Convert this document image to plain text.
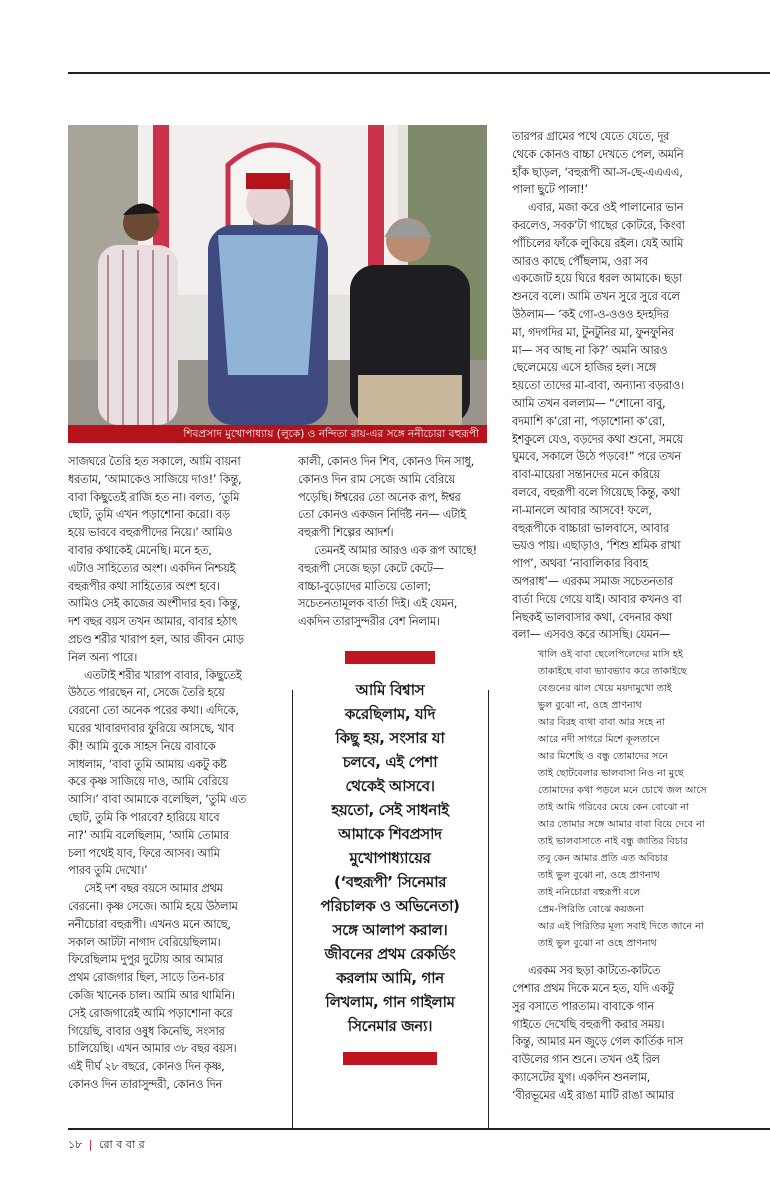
শিবপ্রসাদ মুখোপাধ্যায় (লুকে) ও নন্দিতা রায়-এর সঙ্গে ননীচোরা বহুরূপী
সাজঘরে তৈরি হত সকালে, আমি বায়না
ধরতাম, ‘আমাকেও সাজিয়ে দাও!’ কিন্তু,
বাবা কিছুতেই রাজি হত না। বলত, ‘তুমি
ছোট, তুমি এখন পড়াশোনা করো। বড়
হয়ে ভাববে বহুরূপীদের নিয়ে।’ আমিও
বাবার কথাকেই মেনেছি। মনে হত,
এটাও সাহিত্যের অংশ। একদিন নিশ্চয়ই
বহুরূপীর কথা সাহিত্যের অংশ হবে।
আমিও সেই কাজের অংশীদার হব। কিন্তু,
দশ বছর বয়স তখন আমার, বাবার হঠাৎ
প্রচণ্ড শরীর খারাপ হল, আর জীবন মোড়
নিল অন্য পারে।
এতটাই শরীর খারাপ বাবার, কিছুতেই
উঠতে পারছেন না, সেজে তৈরি হয়ে
বেরনো তো অনেক পরের কথা। এদিকে,
ঘরের খাবারদাবার ফুরিয়ে আসছে, খাব
কী! আমি বুকে সাহস নিয়ে বাবাকে
সাধলাম, ‘বাবা তুমি আমায় একটু কষ্ট
করে কৃষ্ণ সাজিয়ে দাও, আমি বেরিয়ে
আসি।’ বাবা আমাকে বলেছিল, ‘তুমি এত
ছোট, তুমি কি পারবে? হারিয়ে যাবে
না?’ আমি বলেছিলাম, ‘আমি তোমার
চলা পথেই যাব, ফিরে আসব। আমি
পারব তুমি দেখো।’
সেই দশ বছর বয়সে আমার প্রথম
বেরনো। কৃষ্ণ সেজে। আমি হয়ে উঠলাম
ননীচোরা বহুরূপী। এখনও মনে আছে,
সকাল আটটা নাগাদ বেরিয়েছিলাম।
ফিরেছিলাম দুপুর দুটোয় আর আমার
প্রথম রোজগার ছিল, সাড়ে তিন-চার
কেজি খানেক চাল। আমি আর থামিনি।
সেই রোজগারেই আমি পড়াশোনা করে
গিয়েছি, বাবার ওষুধ কিনেছি, সংসার
চালিয়েছি। এখন আমার ৩৮ বছর বয়স।
এই দীর্ঘ ২৮ বছরে, কোনও দিন কৃষ্ণ,
কোনও দিন তারাসুন্দরী, কোনও দিন
কালী, কোনও দিন শিব, কোনও দিন সাধু,
কোনও দিন রাম সেজে আমি বেরিয়ে
পড়েছি। ঈশ্বরের তো অনেক রূপ, ঈশ্বর
তো কোনও একজন নির্দিষ্ট নন— এটাই
বহুরূপী শিল্পের আদর্শ।
তেমনই আমার আরও এক রূপ আছে!
বহুরূপী সেজে ছড়া কেটে কেটে—
বাচ্চা-বুড়োদের মাতিয়ে তোলা;
সচেতনতামূলক বার্তা দিই। এই যেমন,
একদিন তারাসুন্দরীর বেশ নিলাম।
আমি বিশ্বাস
করেছিলাম, যদি
কিছু হয়, সংসার যা
চলবে, এই পেশা
থেকেই আসবে।
হয়তো, সেই সাধনাই
আমাকে শিবপ্রসাদ
মুখোপাধ্যায়ের
(‘বহুরূপী’ সিনেমার
পরিচালক ও অভিনেতা)
সঙ্গে আলাপ করাল।
জীবনের প্রথম রেকর্ডিং
করলাম আমি, গান
লিখলাম, গান গাইলাম
সিনেমার জন্য।
তারপর গ্রামের পথে যেতে যেতে, দূর
থেকে কোনও বাচ্চা দেখতে পেল, অমনি
হাঁক ছাড়ল, ‘বহুরূপী আ-স-ছে-এএএএ,
পালা ছুটে পালা!’
এবার, মজা করে ওই পালানোর ভান
করলেও, সবক’টা গাছের কোটরে, কিংবা
পাঁচিলের ফাঁকে লুকিয়ে রইল। যেই আমি
আরও কাছে পৌঁছলাম, ওরা সব
একজোট হয়ে ঘিরে ধরল আমাকে। ছড়া
শুনবে বলে। আমি তখন সুরে সুরে বলে
উঠলাম— ‘কই গো-ও-ওওও হদহদির
মা, গদগদির মা, টুনটুনির মা, ফুনফুনির
মা— সব আছ না কি?’ অমনি আরও
ছেলেমেয়ে এসে হাজির হল। সঙ্গে
হয়তো তাদের মা-বাবা, অন্যান্য বড়রাও।
আমি তখন বললাম— “শোনো বাবু,
বদমাশি ক’রো না, পড়াশোনা ক’রো,
ইশকুলে যেও, বড়দের কথা শুনো, সময়ে
ঘুমবে, সকালে উঠে পড়বে!” পরে তখন
বাবা-মায়েরা সন্তানদের মনে করিয়ে
বলবে, বহুরূপী বলে গিয়েছে কিন্তু, কথা
না-মানলে আবার আসবে! ফলে,
বহুরূপীকে বাচ্চারা ভালবাসে, আবার
ভয়ও পায়। এছাড়াও, ‘শিশু শ্রমিক রাখা
পাপ’, অথবা ‘নাবালিকার বিবাহ
অপরাধ’— এরকম সমাজ সচেতনতার
বার্তা দিয়ে গেয়ে যাই। আবার কখনও বা
নিছকই ভালবাসার কথা, বেদনার কথা
বলা— এসবও করে আসছি। যেমন—
খালি ওই বাবা ছেলেপিলেদের মাসি হই
তাকাইছে বাবা ভ্যাবভ্যাব করে তাকাইছে
বেগুনের ঝাল খেয়ে ময়দামুখো তাই
ভুল বুঝো না, ওহে প্রাণনাথ
আর বিরহ ব্যথা বাবা আর সহে না
আরে নদী সাগরে মিশে কূলতানে
আর মিশেছি ও বন্ধু তোমাদের সনে
তাই ছোটবেলার ভালবাসা নিও না মুছে
তোমাদের কথা পড়লে মনে চোখে জল আসে
তাই আমি গরিবের মেয়ে কেন বোঝো না
আর তোমার সঙ্গে আমার বাবা বিয়ে দেবে না
তাই ভালবাসাতে নাই বন্ধু জাতির বিচার
তবু কেন আমার প্রতি এত অবিচার
তাই ভুল বুঝো না, ওহে প্রাণনাথ
তাই ননিচোরা বহুরূপী বলে
প্রেম-পিরিতি বোঝে কয়জনা
আর এই পিরিতির মূল্য সবাই দিতে জানে না
তাই ভুল বুঝো না ওহে প্রাণনাথ
এরকম সব ছড়া কাটতে-কাটতে
পেশার প্রথম দিকে মনে হত, যদি একটু
সুর বসাতে পারতাম। বাবাকে গান
গাইতে দেখেছি বহুরূপী করার সময়।
কিন্তু, আমার মন জুড়ে গেল কার্তিক দাস
বাউলের গান শুনে। তখন ওই রিল
ক্যাসেটের যুগ। একদিন শুনলাম,
‘বীরভূমের এই রাঙা মাটি রাঙা আমার
১৮ | রো ব বা র
